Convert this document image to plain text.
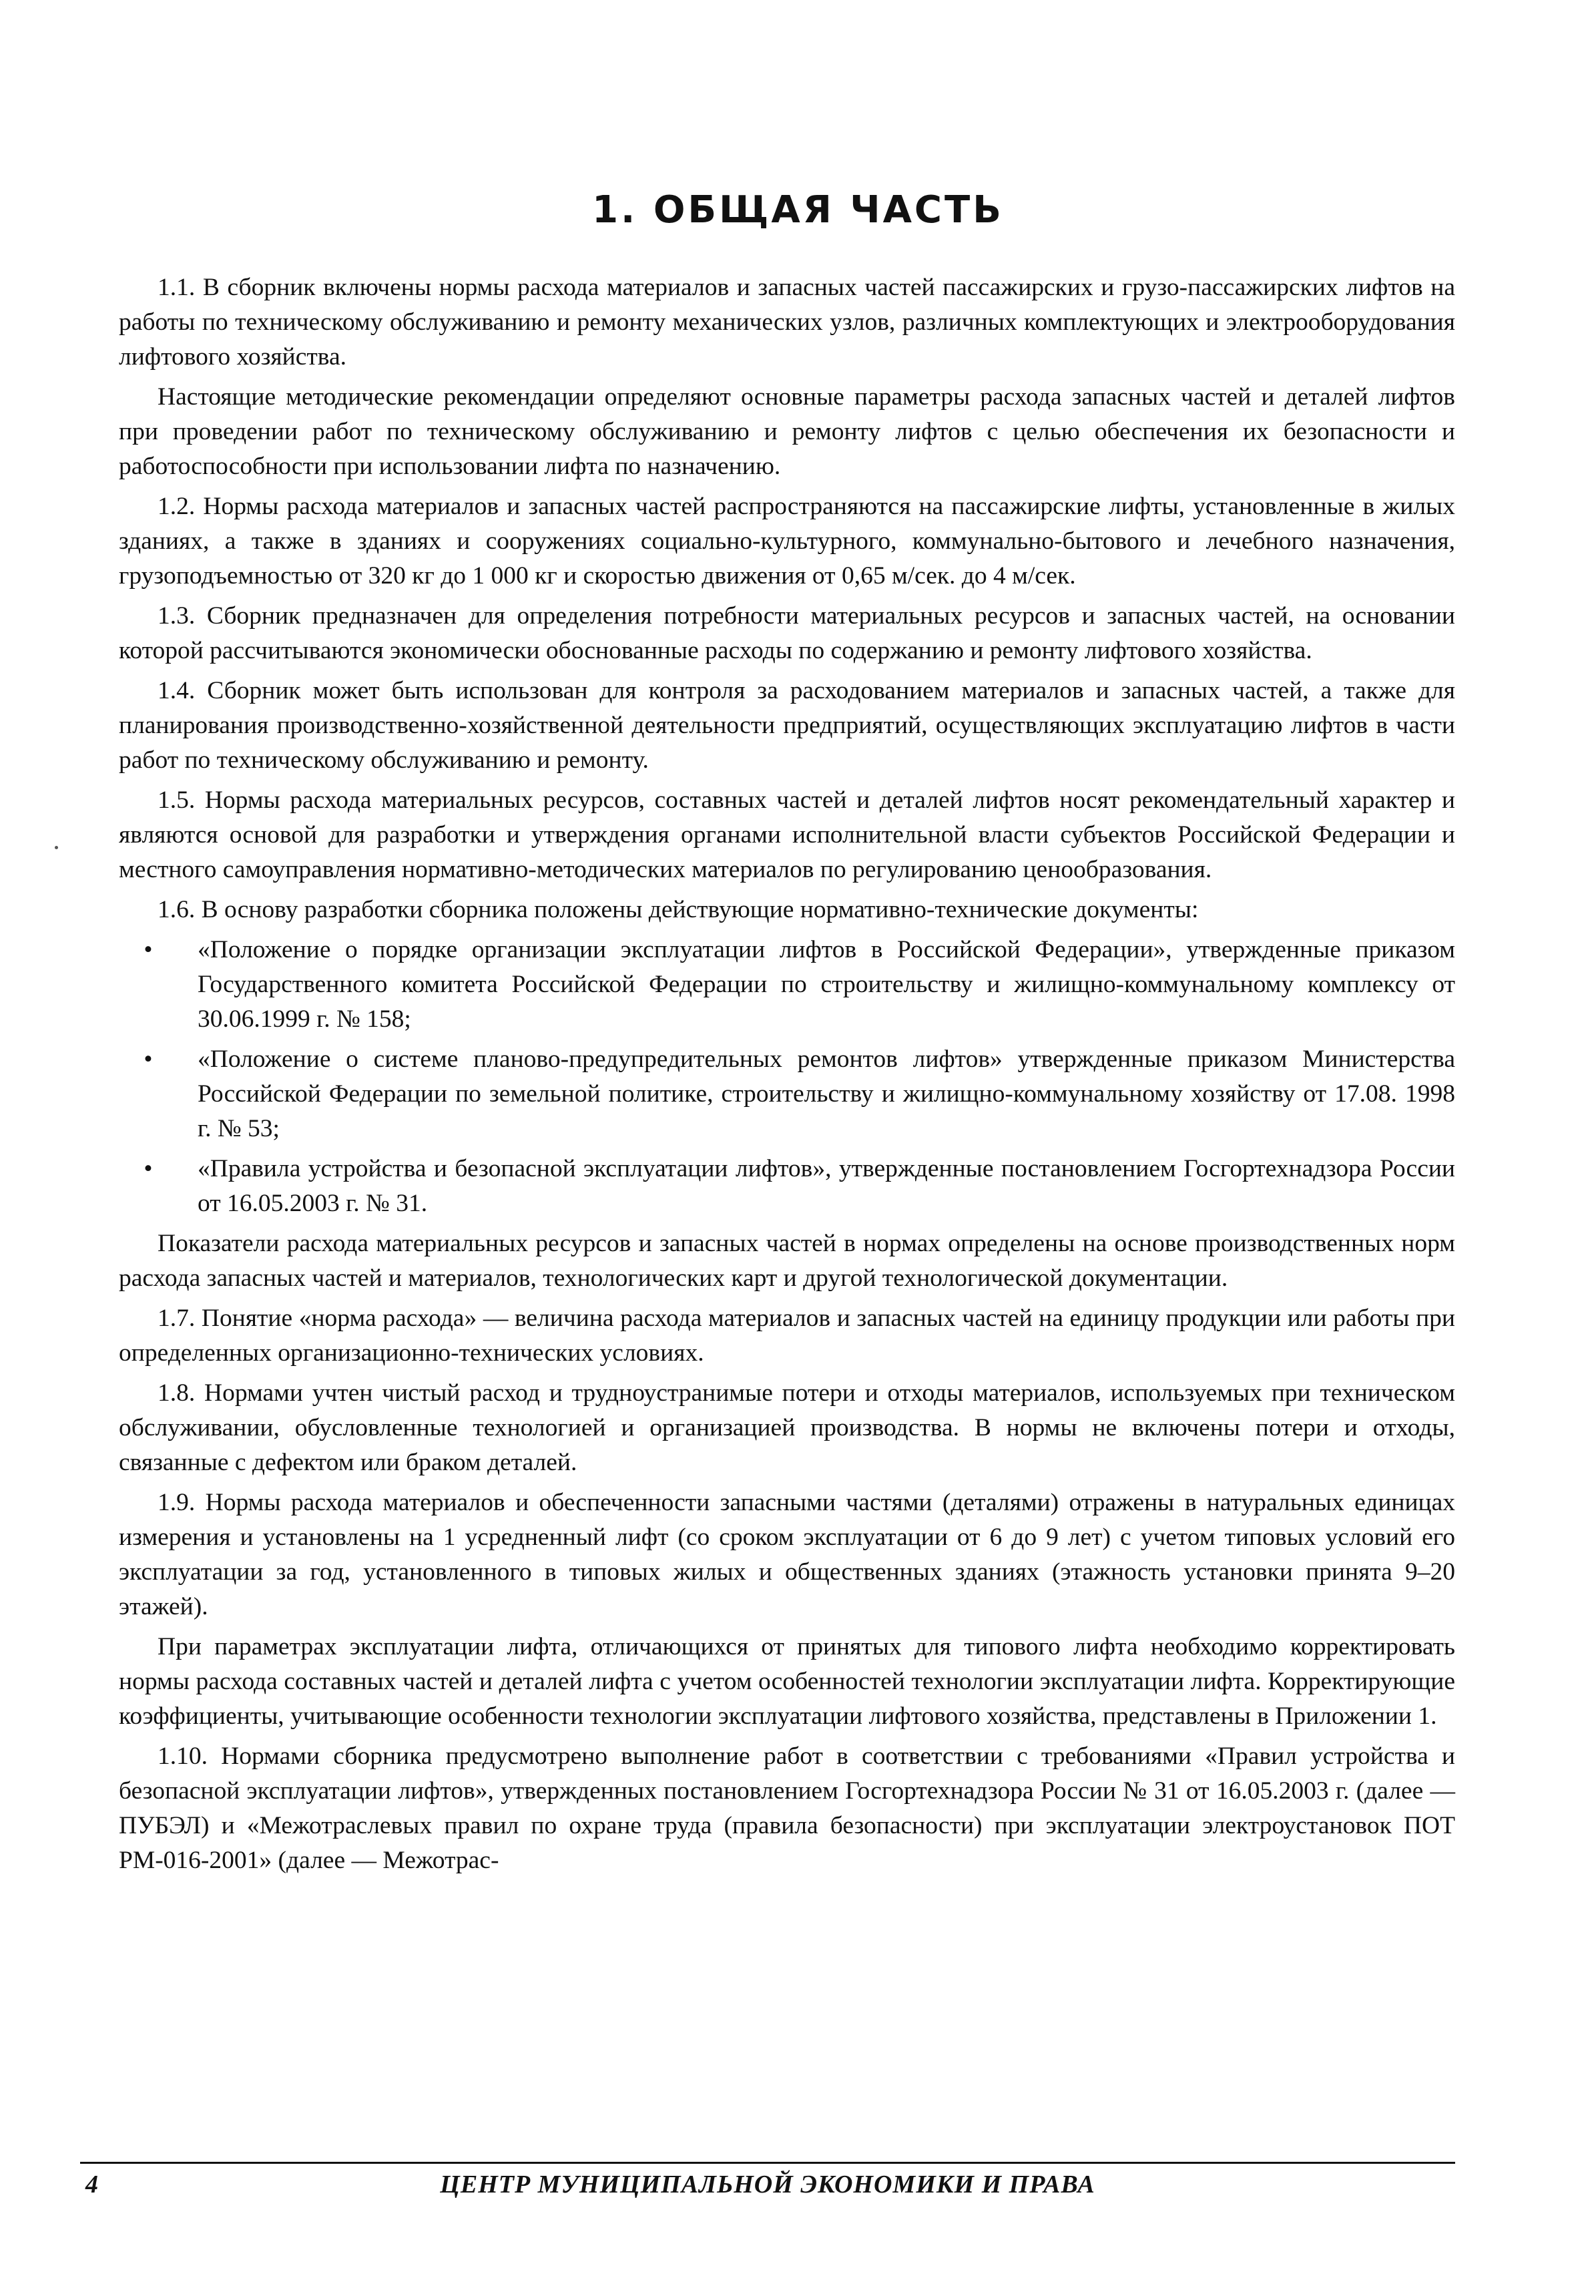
1. ОБЩАЯ ЧАСТЬ

1.1. В сборник включены нормы расхода материалов и запасных частей пассажирских и грузо-пассажирских лифтов на работы по техническому обслуживанию и ремонту механических узлов, различных комплектующих и электрооборудования лифтового хозяйства.

Настоящие методические рекомендации определяют основные параметры расхода запасных частей и деталей лифтов при проведении работ по техническому обслуживанию и ремонту лифтов с целью обеспечения их безопасности и работоспособности при использовании лифта по назначению.

1.2. Нормы расхода материалов и запасных частей распространяются на пассажирские лифты, установленные в жилых зданиях, а также в зданиях и сооружениях социально-культурного, коммунально-бытового и лечебного назначения, грузоподъемностью от 320 кг до 1 000 кг и скоростью движения от 0,65 м/сек. до 4 м/сек.

1.3. Сборник предназначен для определения потребности материальных ресурсов и запасных частей, на основании которой рассчитываются экономически обоснованные расходы по содержанию и ремонту лифтового хозяйства.

1.4. Сборник может быть использован для контроля за расходованием материалов и запасных частей, а также для планирования производственно-хозяйственной деятельности предприятий, осуществляющих эксплуатацию лифтов в части работ по техническому обслуживанию и ремонту.

1.5. Нормы расхода материальных ресурсов, составных частей и деталей лифтов носят рекомендательный характер и являются основой для разработки и утверждения органами исполнительной власти субъектов Российской Федерации и местного самоуправления нормативно-методических материалов по регулированию ценообразования.

1.6. В основу разработки сборника положены действующие нормативно-технические документы:

•	«Положение о порядке организации эксплуатации лифтов в Российской Федерации», утвержденные приказом Государственного комитета Российской Федерации по строительству и жилищно-коммунальному комплексу от 30.06.1999 г. № 158;
•	«Положение о системе планово-предупредительных ремонтов лифтов» утвержденные приказом Министерства Российской Федерации по земельной политике, строительству и жилищно-коммунальному хозяйству от 17.08. 1998 г. № 53;
•	«Правила устройства и безопасной эксплуатации лифтов», утвержденные постановлением Госгортехнадзора России от 16.05.2003 г. № 31.

Показатели расхода материальных ресурсов и запасных частей в нормах определены на основе производственных норм расхода запасных частей и материалов, технологических карт и другой технологической документации.

1.7. Понятие «норма расхода» — величина расхода материалов и запасных частей на единицу продукции или работы при определенных организационно-технических условиях.

1.8. Нормами учтен чистый расход и трудноустранимые потери и отходы материалов, используемых при техническом обслуживании, обусловленные технологией и организацией производства. В нормы не включены потери и отходы, связанные с дефектом или браком деталей.

1.9. Нормы расхода материалов и обеспеченности запасными частями (деталями) отражены в натуральных единицах измерения и установлены на 1 усредненный лифт (со сроком эксплуатации от 6 до 9 лет) с учетом типовых условий его эксплуатации за год, установленного в типовых жилых и общественных зданиях (этажность установки принята 9–20 этажей).

При параметрах эксплуатации лифта, отличающихся от принятых для типового лифта необходимо корректировать нормы расхода составных частей и деталей лифта с учетом особенностей технологии эксплуатации лифта. Корректирующие коэффициенты, учитывающие особенности технологии эксплуатации лифтового хозяйства, представлены в Приложении 1.

1.10. Нормами сборника предусмотрено выполнение работ в соответствии с требованиями «Правил устройства и безопасной эксплуатации лифтов», утвержденных постановлением Госгортехнадзора России № 31 от 16.05.2003 г. (далее — ПУБЭЛ) и «Межотраслевых правил по охране труда (правила безопасности) при эксплуатации электроустановок ПОТ РМ-016-2001» (далее — Межотрас-

4	ЦЕНТР МУНИЦИПАЛЬНОЙ ЭКОНОМИКИ И ПРАВА
